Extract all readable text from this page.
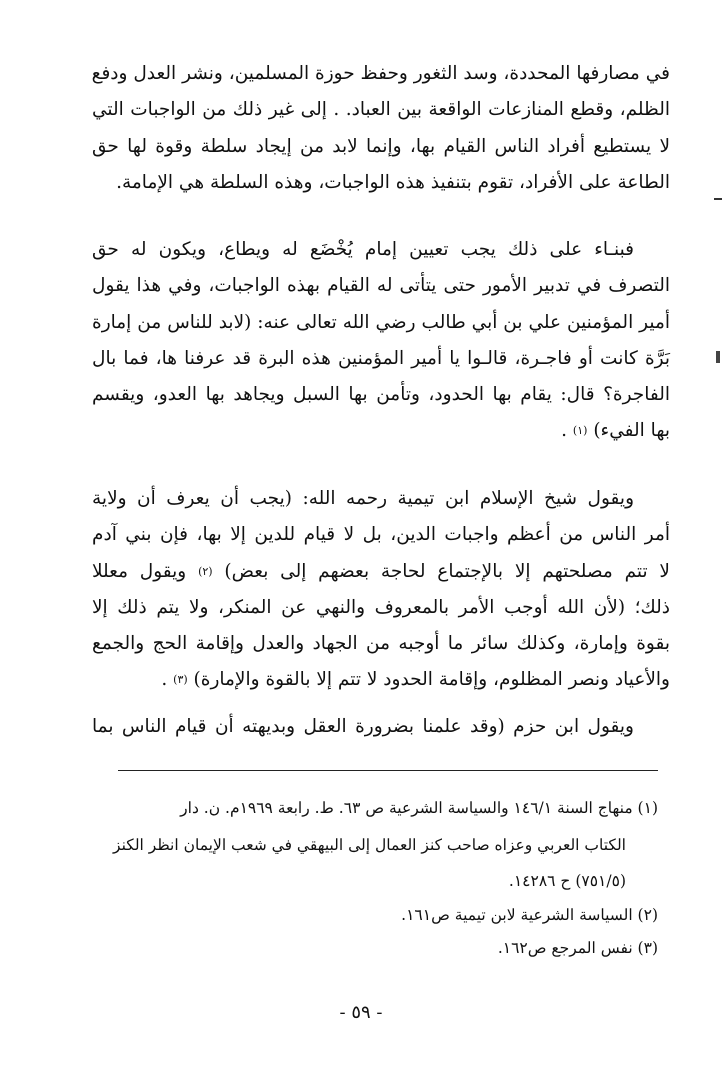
في مصارفها المحددة، وسد الثغور وحفظ حوزة المسلمين، ونشر العدل ودفع
الظلم، وقطع المنازعات الواقعة بين العباد. . إلى غير ذلك من الواجبات التي
لا يستطيع أفراد الناس القيام بها، وإنما لابد من إيجاد سلطة وقوة لها حق
الطاعة على الأفراد، تقوم بتنفيذ هذه الواجبات، وهذه السلطة هي الإمامة.
فبنـاء على ذلك يجب تعيين إمام يُخْضَع له ويطاع، ويكون له حق
التصرف في تدبير الأمور حتى يتأتى له القيام بهذه الواجبات، وفي هذا يقول
أمير المؤمنين علي بن أبي طالب رضي الله تعالى عنه: (لابد للناس من إمارة
بَرَّة كانت أو فاجـرة، قالـوا يا أمير المؤمنين هذه البرة قد عرفنا ها، فما بال
الفاجرة؟ قال: يقام بها الحدود، وتأمن بها السبل ويجاهد بها العدو، ويقسم
بها الفيء) (١) .
ويقول شيخ الإسلام ابن تيمية رحمه الله: (يجب أن يعرف أن ولاية
أمر الناس من أعظم واجبات الدين، بل لا قيام للدين إلا بها، فإن بني آدم
لا تتم مصلحتهم إلا بالإجتماع لحاجة بعضهم إلى بعض) (٢) ويقول معللا
ذلك؛ (لأن الله أوجب الأمر بالمعروف والنهي عن المنكر، ولا يتم ذلك إلا
بقوة وإمارة، وكذلك سائر ما أوجبه من الجهاد والعدل وإقامة الحج والجمع
والأعياد ونصر المظلوم، وإقامة الحدود لا تتم إلا بالقوة والإمارة) (٣) .
ويقول ابن حزم (وقد علمنا بضرورة العقل وبديهته أن قيام الناس بما
(١) منهاج السنة ١٤٦/١ والسياسة الشرعية ص ٦٣. ط. رابعة ١٩٦٩م. ن. دار
الكتاب العربي وعزاه صاحب كنز العمال إلى البيهقي في شعب الإيمان انظر الكنز
(٧٥١/٥) ح ١٤٢٨٦.
(٢) السياسة الشرعية لابن تيمية ص١٦١.
(٣) نفس المرجع ص١٦٢.
- ٥٩ -
